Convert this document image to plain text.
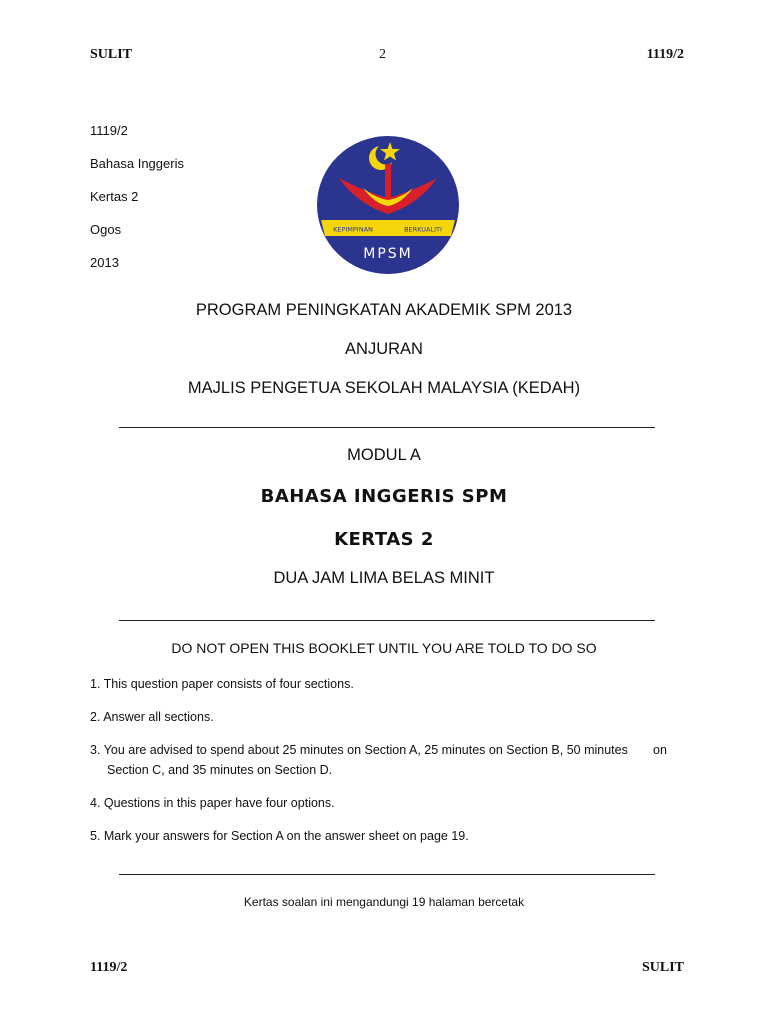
SULIT	2	1119/2
1119/2
Bahasa Inggeris
Kertas 2
Ogos
2013
KEPIMPINAN	BERKUALITI
MPSM
PROGRAM PENINGKATAN AKADEMIK SPM 2013
ANJURAN
MAJLIS PENGETUA SEKOLAH MALAYSIA (KEDAH)
MODUL A
BAHASA INGGERIS SPM
KERTAS 2
DUA JAM LIMA BELAS MINIT
DO NOT OPEN THIS BOOKLET UNTIL YOU ARE TOLD TO DO SO
1. This question paper consists of four sections.
2. Answer all sections.
3. You are advised to spend about 25 minutes on Section A, 25 minutes on Section B, 50 minutes on
Section C, and 35 minutes on Section D.
4. Questions in this paper have four options.
5. Mark your answers for Section A on the answer sheet on page 19.
Kertas soalan ini mengandungi 19 halaman bercetak
1119/2	SULIT
